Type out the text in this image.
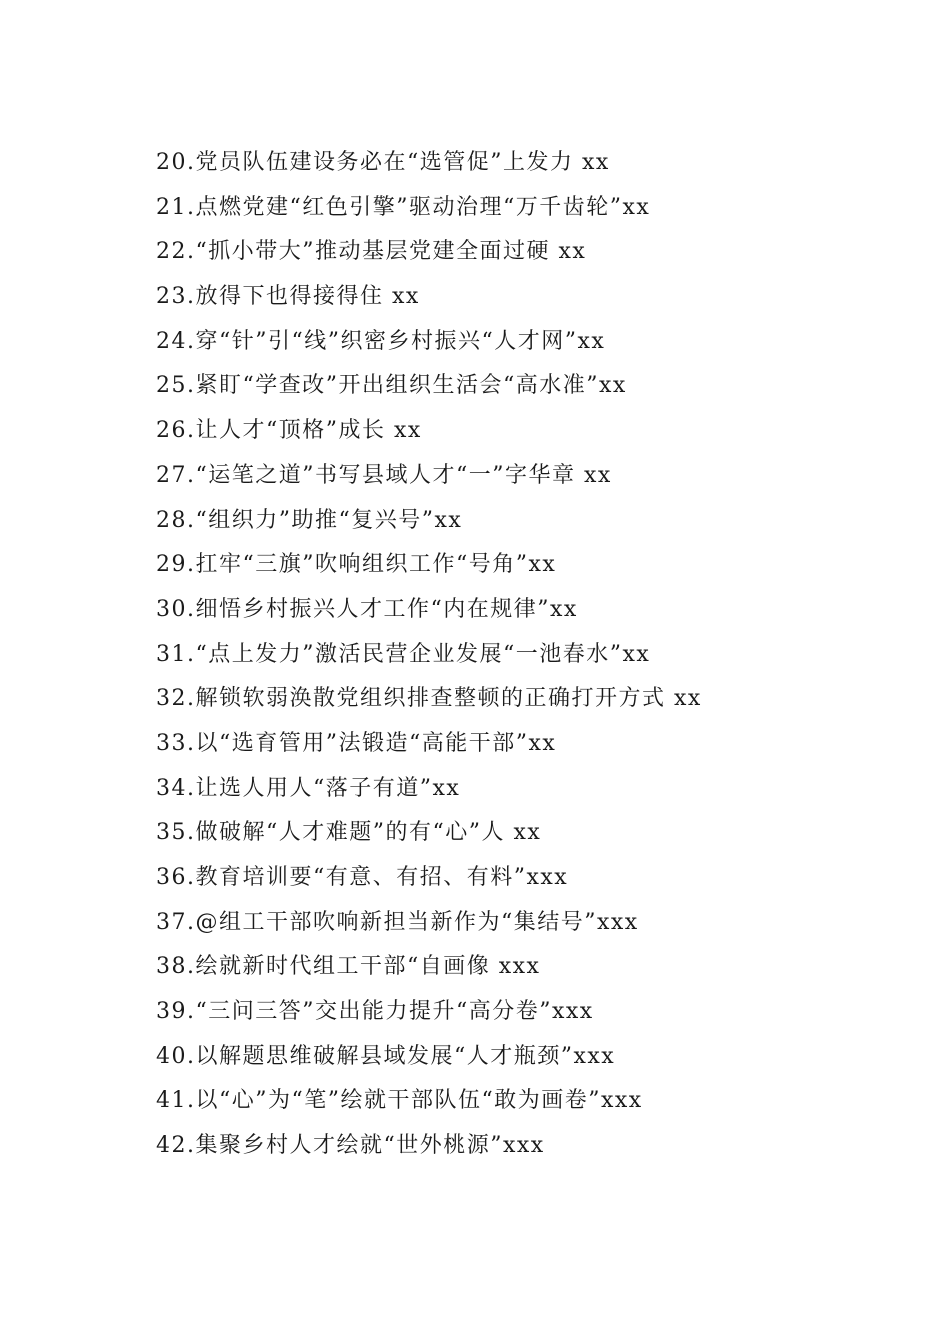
20.党员队伍建设务必在“选管促”上发力 xx
21.点燃党建“红色引擎”驱动治理“万千齿轮”xx
22.“抓小带大”推动基层党建全面过硬 xx
23.放得下也得接得住 xx
24.穿“针”引“线”织密乡村振兴“人才网”xx
25.紧盯“学查改”开出组织生活会“高水准”xx
26.让人才“顶格”成长 xx
27.“运笔之道”书写县域人才“一”字华章 xx
28.“组织力”助推“复兴号”xx
29.扛牢“三旗”吹响组织工作“号角”xx
30.细悟乡村振兴人才工作“内在规律”xx
31.“点上发力”激活民营企业发展“一池春水”xx
32.解锁软弱涣散党组织排查整顿的正确打开方式 xx
33.以“选育管用”法锻造“高能干部”xx
34.让选人用人“落子有道”xx
35.做破解“人才难题”的有“心”人 xx
36.教育培训要“有意、有招、有料”xxx
37.@组工干部吹响新担当新作为“集结号”xxx
38.绘就新时代组工干部“自画像 xxx
39.“三问三答”交出能力提升“高分卷”xxx
40.以解题思维破解县域发展“人才瓶颈”xxx
41.以“心”为“笔”绘就干部队伍“敢为画卷”xxx
42.集聚乡村人才绘就“世外桃源”xxx
